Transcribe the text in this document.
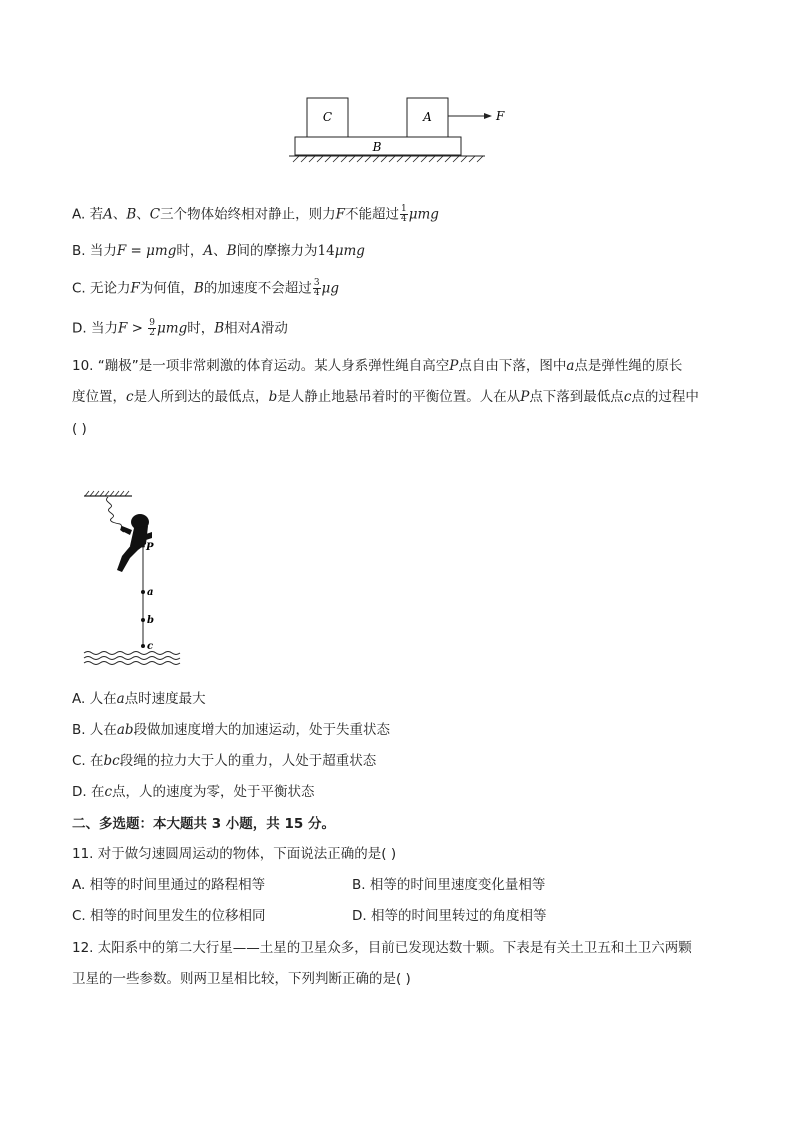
C	A	F
B
A. 若A、B、C三个物体始终相对静止，则力F不能超过 $\frac{1}{4}$ μmg
B. 当力F = μmg时，A、B间的摩擦力为14μmg
C. 无论力F为何值，B的加速度不会超过 $\frac{3}{4}$ μg
D. 当力$F > \frac{9}{2}$ μmg时，B相对A滑动
10. “蹦极”是一项非常刺激的体育运动。某人身系弹性绳自高空P点自由下落，图中a点是弹性绳的原长
度位置，c是人所到达的最低点，b是人静止地悬吊着时的平衡位置。人在从P点下落到最低点c点的过程中
( )
P
a
b
c
A. 人在a点时速度最大
B. 人在ab段做加速度增大的加速运动，处于失重状态
C. 在bc段绳的拉力大于人的重力，人处于超重状态
D. 在c点，人的速度为零，处于平衡状态
二、多选题：本大题共 3 小题，共 15 分。
11. 对于做匀速圆周运动的物体，下面说法正确的是( )
A. 相等的时间里通过的路程相等	B. 相等的时间里速度变化量相等
C. 相等的时间里发生的位移相同	D. 相等的时间里转过的角度相等
12. 太阳系中的第二大行星——土星的卫星众多，目前已发现达数十颗。下表是有关土卫五和土卫六两颗
卫星的一些参数。则两卫星相比较，下列判断正确的是( )
